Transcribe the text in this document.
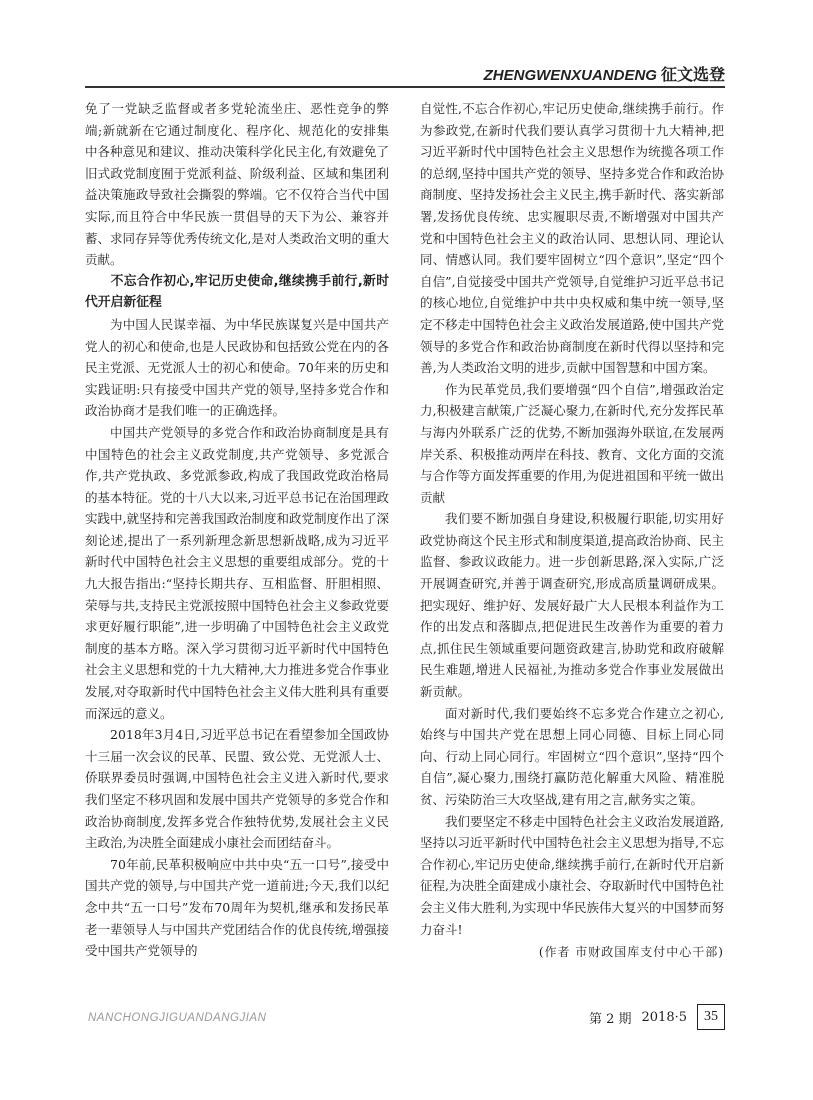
ZHENGWENXUANDENG 征文选登

免了一党缺乏监督或者多党轮流坐庄、恶性竞争的弊端;新就新在它通过制度化、程序化、规范化的安排集中各种意见和建议、推动决策科学化民主化,有效避免了旧式政党制度囿于党派利益、阶级利益、区域和集团利益决策施政导致社会撕裂的弊端。它不仅符合当代中国实际,而且符合中华民族一贯倡导的天下为公、兼容并蓄、求同存异等优秀传统文化,是对人类政治文明的重大贡献。

不忘合作初心,牢记历史使命,继续携手前行,新时代开启新征程

为中国人民谋幸福、为中华民族谋复兴是中国共产党人的初心和使命,也是人民政协和包括致公党在内的各民主党派、无党派人士的初心和使命。70年来的历史和实践证明:只有接受中国共产党的领导,坚持多党合作和政治协商才是我们唯一的正确选择。

中国共产党领导的多党合作和政治协商制度是具有中国特色的社会主义政党制度,共产党领导、多党派合作,共产党执政、多党派参政,构成了我国政党政治格局的基本特征。党的十八大以来,习近平总书记在治国理政实践中,就坚持和完善我国政治制度和政党制度作出了深刻论述,提出了一系列新理念新思想新战略,成为习近平新时代中国特色社会主义思想的重要组成部分。党的十九大报告指出:“坚持长期共存、互相监督、肝胆相照、荣辱与共,支持民主党派按照中国特色社会主义参政党要求更好履行职能”,进一步明确了中国特色社会主义政党制度的基本方略。深入学习贯彻习近平新时代中国特色社会主义思想和党的十九大精神,大力推进多党合作事业发展,对夺取新时代中国特色社会主义伟大胜利具有重要而深远的意义。

2018年3月4日,习近平总书记在看望参加全国政协十三届一次会议的民革、民盟、致公党、无党派人士、侨联界委员时强调,中国特色社会主义进入新时代,要求我们坚定不移巩固和发展中国共产党领导的多党合作和政治协商制度,发挥多党合作独特优势,发展社会主义民主政治,为决胜全面建成小康社会而团结奋斗。

70年前,民革积极响应中共中央“五一口号”,接受中国共产党的领导,与中国共产党一道前进;今天,我们以纪念中共“五一口号”发布70周年为契机,继承和发扬民革老一辈领导人与中国共产党团结合作的优良传统,增强接受中国共产党领导的

自觉性,不忘合作初心,牢记历史使命,继续携手前行。作为参政党,在新时代我们要认真学习贯彻十九大精神,把习近平新时代中国特色社会主义思想作为统揽各项工作的总纲,坚持中国共产党的领导、坚持多党合作和政治协商制度、坚持发扬社会主义民主,携手新时代、落实新部署,发扬优良传统、忠实履职尽责,不断增强对中国共产党和中国特色社会主义的政治认同、思想认同、理论认同、情感认同。我们要牢固树立“四个意识”,坚定“四个自信”,自觉接受中国共产党领导,自觉维护习近平总书记的核心地位,自觉维护中共中央权威和集中统一领导,坚定不移走中国特色社会主义政治发展道路,使中国共产党领导的多党合作和政治协商制度在新时代得以坚持和完善,为人类政治文明的进步,贡献中国智慧和中国方案。

作为民革党员,我们要增强“四个自信”,增强政治定力,积极建言献策,广泛凝心聚力,在新时代,充分发挥民革与海内外联系广泛的优势,不断加强海外联谊,在发展两岸关系、积极推动两岸在科技、教育、文化方面的交流与合作等方面发挥重要的作用,为促进祖国和平统一做出贡献

我们要不断加强自身建设,积极履行职能,切实用好政党协商这个民主形式和制度渠道,提高政治协商、民主监督、参政议政能力。进一步创新思路,深入实际,广泛开展调查研究,并善于调查研究,形成高质量调研成果。把实现好、维护好、发展好最广大人民根本利益作为工作的出发点和落脚点,把促进民生改善作为重要的着力点,抓住民生领域重要问题资政建言,协助党和政府破解民生难题,增进人民福祉,为推动多党合作事业发展做出新贡献。

面对新时代,我们要始终不忘多党合作建立之初心,始终与中国共产党在思想上同心同德、目标上同心同向、行动上同心同行。牢固树立“四个意识”,坚持“四个自信”,凝心聚力,围绕打赢防范化解重大风险、精准脱贫、污染防治三大攻坚战,建有用之言,献务实之策。

我们要坚定不移走中国特色社会主义政治发展道路,坚持以习近平新时代中国特色社会主义思想为指导,不忘合作初心,牢记历史使命,继续携手前行,在新时代开启新征程,为决胜全面建成小康社会、夺取新时代中国特色社会主义伟大胜利,为实现中华民族伟大复兴的中国梦而努力奋斗!

(作者 市财政国库支付中心干部)
NANCHONGJIGUANDANGJIAN	第 2 期 2018·5	35
